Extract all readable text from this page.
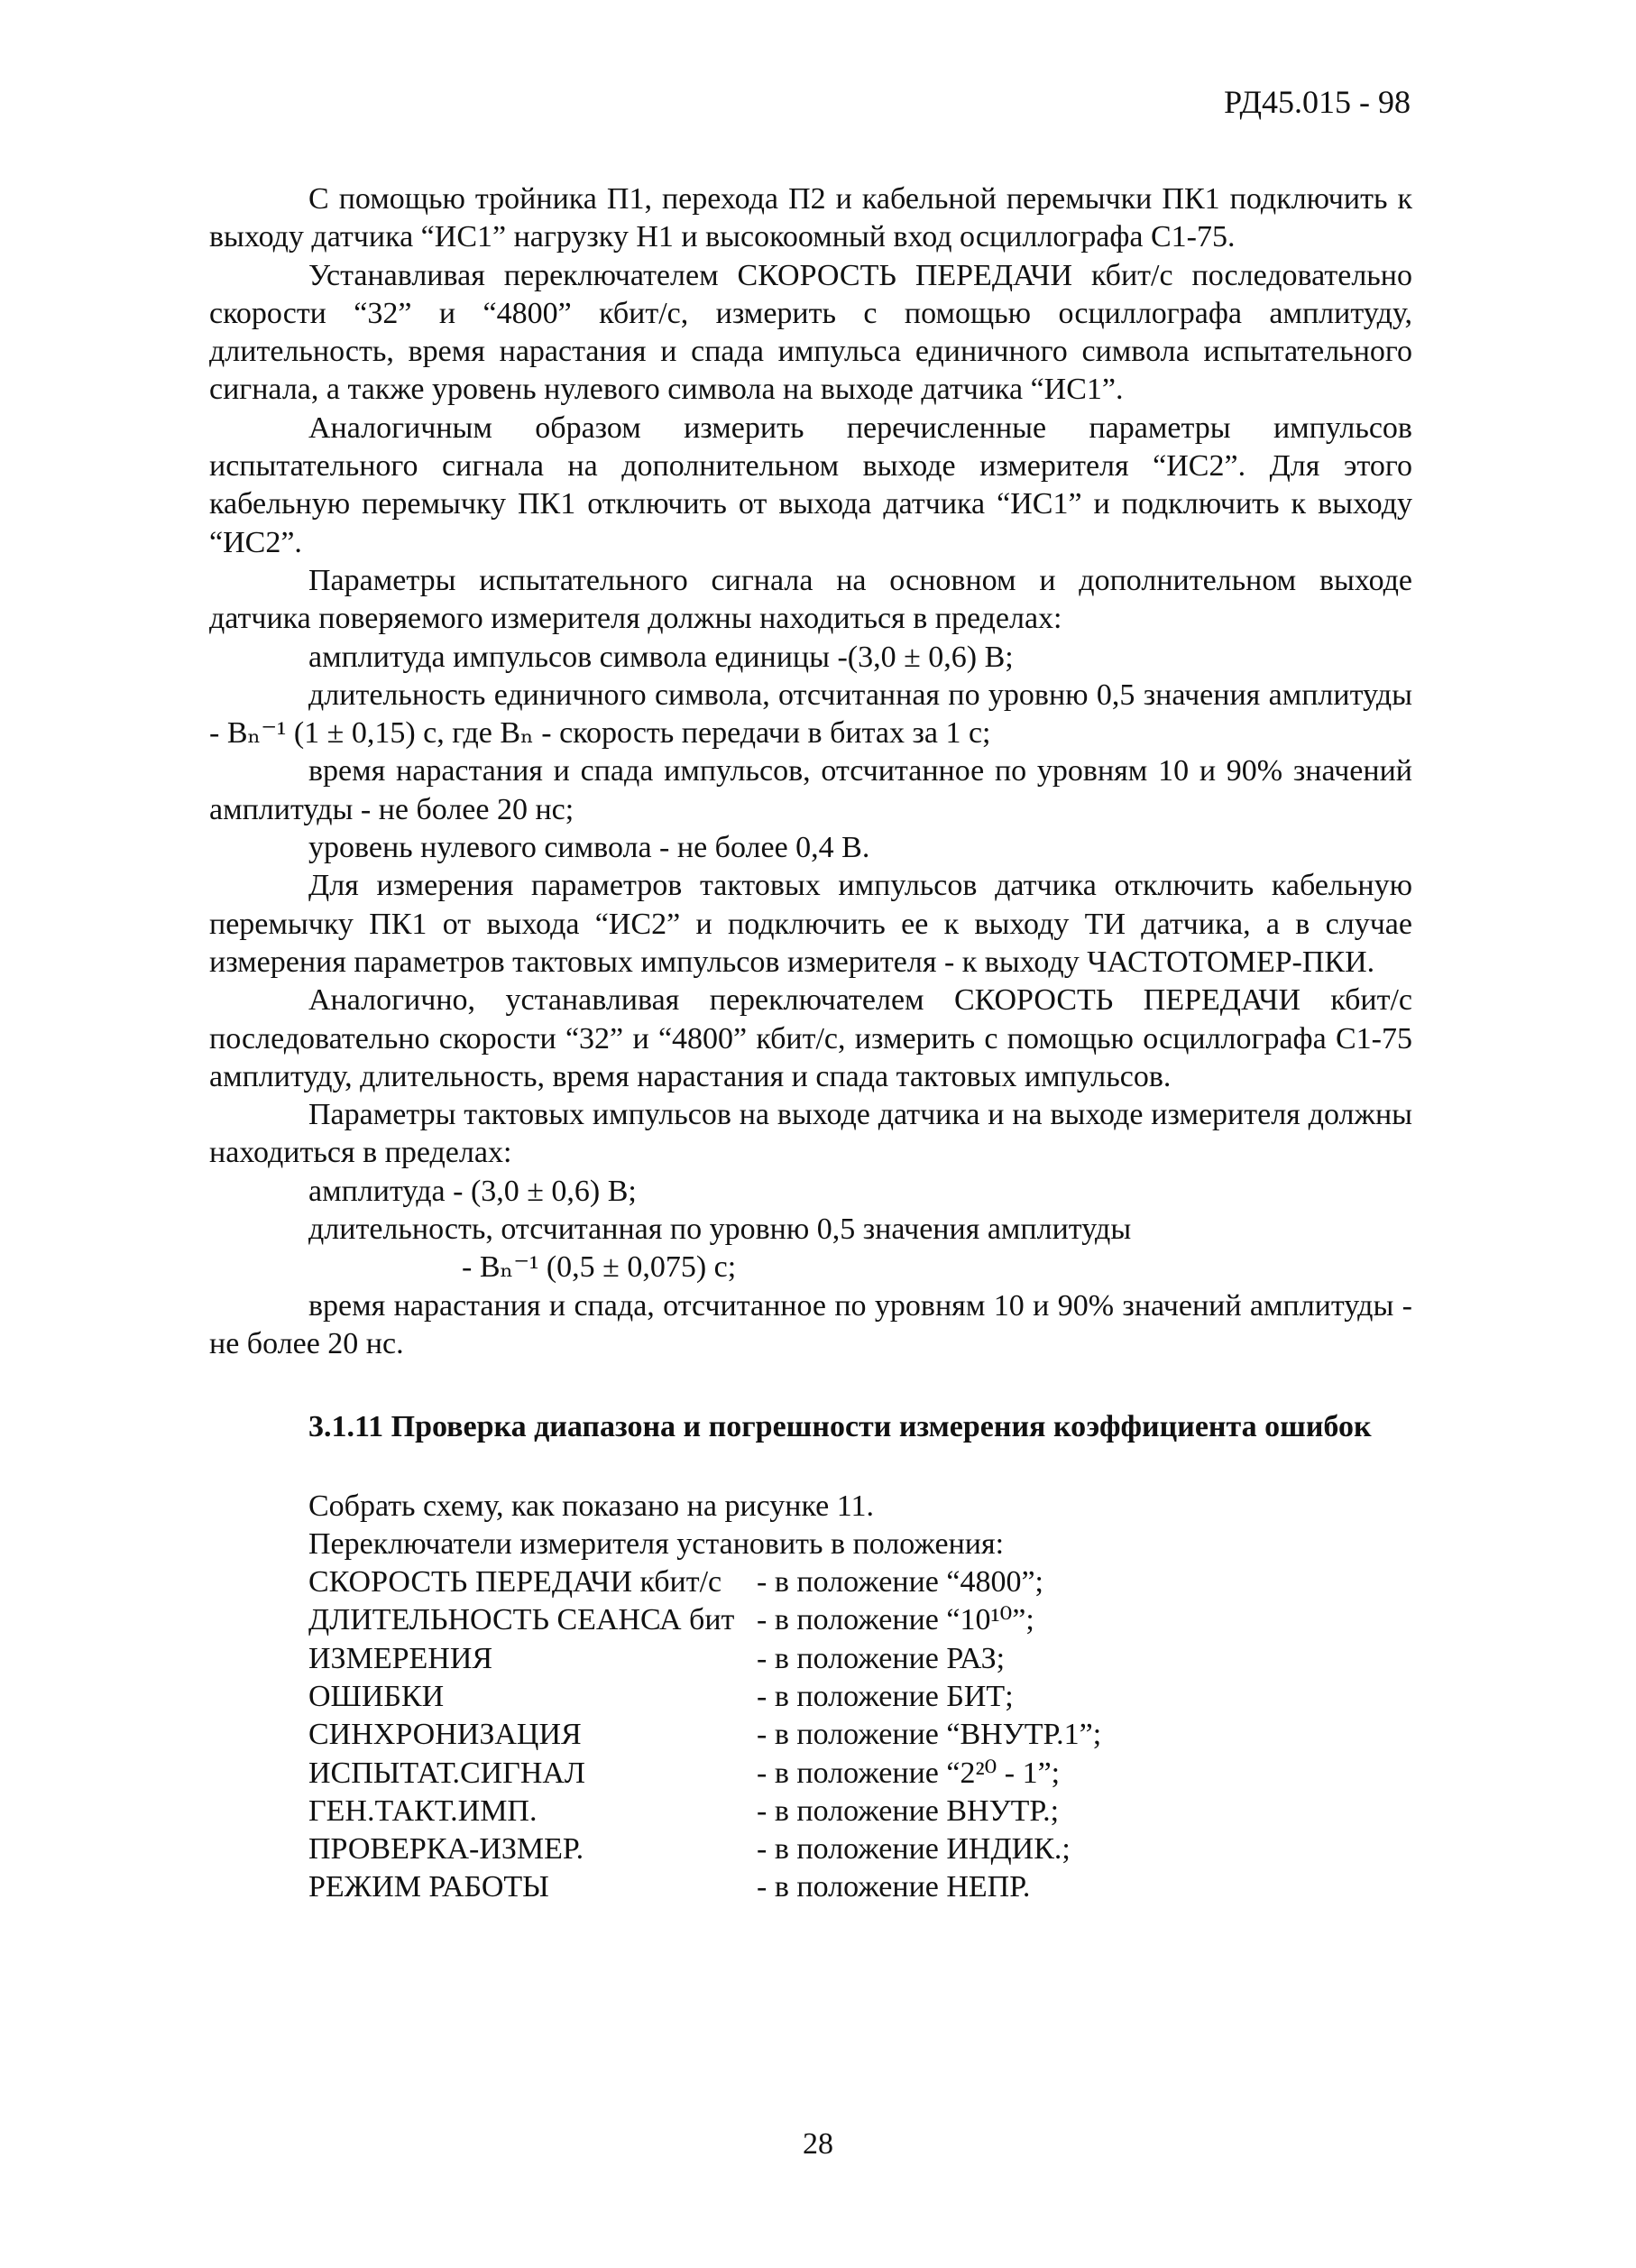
РД45.015 - 98

С помощью тройника П1, перехода П2 и кабельной перемычки ПК1 подключить к выходу датчика “ИС1” нагрузку Н1 и высокоомный вход осциллографа С1-75.

Устанавливая переключателем СКОРОСТЬ ПЕРЕДАЧИ кбит/с последовательно скорости “32” и “4800” кбит/с, измерить с помощью осциллографа амплитуду, длительность, время нарастания и спада импульса единичного символа испытательного сигнала, а также уровень нулевого символа на выходе датчика “ИС1”.

Аналогичным образом измерить перечисленные параметры импульсов испытательного сигнала на дополнительном выходе измерителя “ИС2”. Для этого кабельную перемычку ПК1 отключить от выхода датчика “ИС1” и подключить к выходу “ИС2”.

Параметры испытательного сигнала на основном и дополнительном выходе датчика поверяемого измерителя должны находиться в пределах:

амплитуда импульсов символа единицы -(3,0 ± 0,6) В;

длительность единичного символа, отсчитанная по уровню 0,5 значения амплитуды - Вₙ⁻¹ (1 ± 0,15) с, где Вₙ - скорость передачи в битах за 1 с;

время нарастания и спада импульсов, отсчитанное по уровням 10 и 90% значений амплитуды - не более 20 нс;

уровень нулевого символа - не более 0,4 В.

Для измерения параметров тактовых импульсов датчика отключить кабельную перемычку ПК1 от выхода “ИС2” и подключить ее к выходу ТИ датчика, а в случае измерения параметров тактовых импульсов измерителя - к выходу ЧАСТОТОМЕР-ПКИ.

Аналогично, устанавливая переключателем СКОРОСТЬ ПЕРЕДАЧИ кбит/с последовательно скорости “32” и “4800” кбит/с, измерить с помощью осциллографа С1-75 амплитуду, длительность, время нарастания и спада тактовых импульсов.

Параметры тактовых импульсов на выходе датчика и на выходе измерителя должны находиться в пределах:

амплитуда - (3,0 ± 0,6) В;

длительность, отсчитанная по уровню 0,5 значения амплитуды

- Вₙ⁻¹ (0,5 ± 0,075) с;

время нарастания и спада, отсчитанное по уровням 10 и 90% значений амплитуды - не более 20 нс.

3.1.11 Проверка диапазона и погрешности измерения коэффициента ошибок
Собрать схему, как показано на рисунке 11.
Переключатели измерителя установить в положения:
СКОРОСТЬ ПЕРЕДАЧИ кбит/с	- в положение “4800”;
ДЛИТЕЛЬНОСТЬ СЕАНСА бит - в положение “10¹⁰”;
ИЗМЕРЕНИЯ	- в положение РАЗ;
ОШИБКИ	- в положение БИТ;
СИНХРОНИЗАЦИЯ	- в положение “ВНУТР.1”;
ИСПЫТАТ.СИГНАЛ	- в положение “2²⁰ - 1”;
ГЕН.ТАКТ.ИМП.	- в положение ВНУТР.;
ПРОВЕРКА-ИЗМЕР.	- в положение ИНДИК.;
РЕЖИМ РАБОТЫ	- в положение НЕПР.
28
